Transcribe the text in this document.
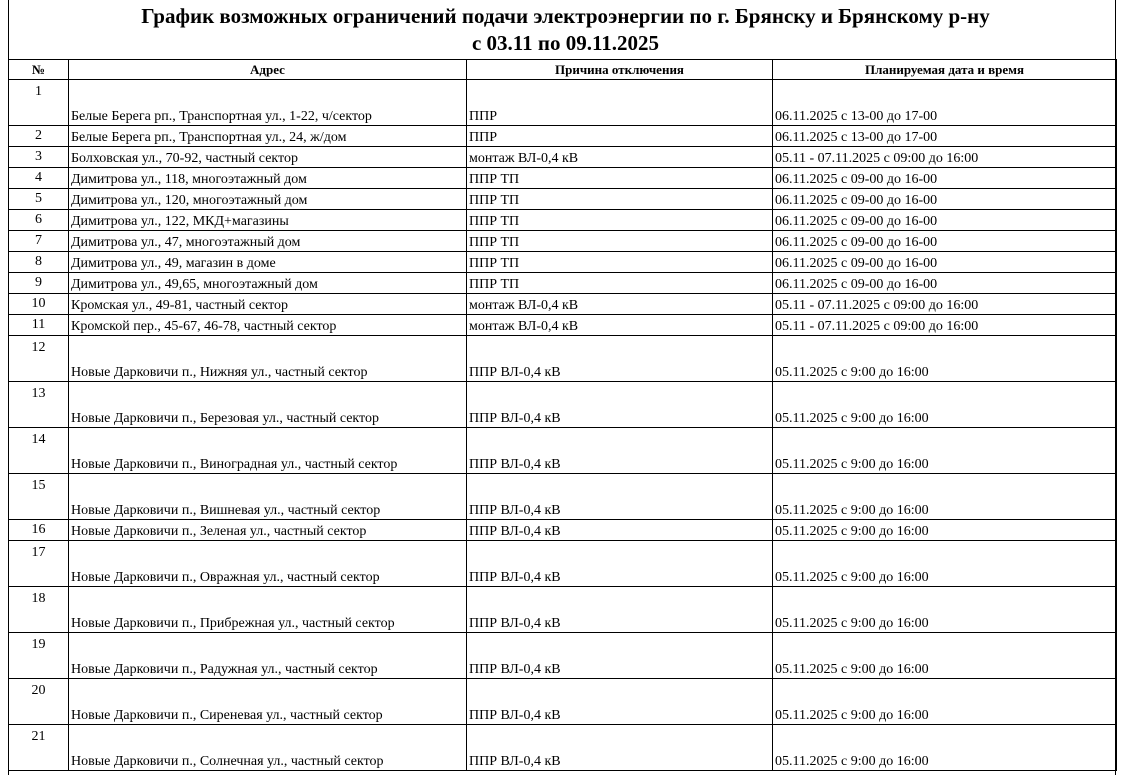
График возможных ограничений подачи электроэнергии по г. Брянску и Брянскому р-ну
с 03.11 по 09.11.2025
№	Адрес	Причина отключения	Планируемая дата и время
1	Белые Берега рп., Транспортная ул., 1-22, ч/сектор	ППР	06.11.2025 с 13-00 до 17-00
2	Белые Берега рп., Транспортная ул., 24, ж/дом	ППР	06.11.2025 с 13-00 до 17-00
3	Болховская ул., 70-92, частный сектор	монтаж ВЛ-0,4 кВ	05.11 - 07.11.2025 с 09:00 до 16:00
4	Димитрова ул., 118, многоэтажный дом	ППР ТП	06.11.2025 с 09-00 до 16-00
5	Димитрова ул., 120, многоэтажный дом	ППР ТП	06.11.2025 с 09-00 до 16-00
6	Димитрова ул., 122, МКД+магазины	ППР ТП	06.11.2025 с 09-00 до 16-00
7	Димитрова ул., 47, многоэтажный дом	ППР ТП	06.11.2025 с 09-00 до 16-00
8	Димитрова ул., 49, магазин в доме	ППР ТП	06.11.2025 с 09-00 до 16-00
9	Димитрова ул., 49,65, многоэтажный дом	ППР ТП	06.11.2025 с 09-00 до 16-00
10	Кромская ул., 49-81, частный сектор	монтаж ВЛ-0,4 кВ	05.11 - 07.11.2025 с 09:00 до 16:00
11	Кромской пер., 45-67, 46-78, частный сектор	монтаж ВЛ-0,4 кВ	05.11 - 07.11.2025 с 09:00 до 16:00
12	Новые Дарковичи п., Нижняя ул., частный сектор	ППР ВЛ-0,4 кВ	05.11.2025 с 9:00 до 16:00
13	Новые Дарковичи п., Березовая ул., частный сектор	ППР ВЛ-0,4 кВ	05.11.2025 с 9:00 до 16:00
14	Новые Дарковичи п., Виноградная ул., частный сектор	ППР ВЛ-0,4 кВ	05.11.2025 с 9:00 до 16:00
15	Новые Дарковичи п., Вишневая ул., частный сектор	ППР ВЛ-0,4 кВ	05.11.2025 с 9:00 до 16:00
16	Новые Дарковичи п., Зеленая ул., частный сектор	ППР ВЛ-0,4 кВ	05.11.2025 с 9:00 до 16:00
17	Новые Дарковичи п., Овражная ул., частный сектор	ППР ВЛ-0,4 кВ	05.11.2025 с 9:00 до 16:00
18	Новые Дарковичи п., Прибрежная ул., частный сектор	ППР ВЛ-0,4 кВ	05.11.2025 с 9:00 до 16:00
19	Новые Дарковичи п., Радужная ул., частный сектор	ППР ВЛ-0,4 кВ	05.11.2025 с 9:00 до 16:00
20	Новые Дарковичи п., Сиреневая ул., частный сектор	ППР ВЛ-0,4 кВ	05.11.2025 с 9:00 до 16:00
21	Новые Дарковичи п., Солнечная ул., частный сектор	ППР ВЛ-0,4 кВ	05.11.2025 с 9:00 до 16:00
